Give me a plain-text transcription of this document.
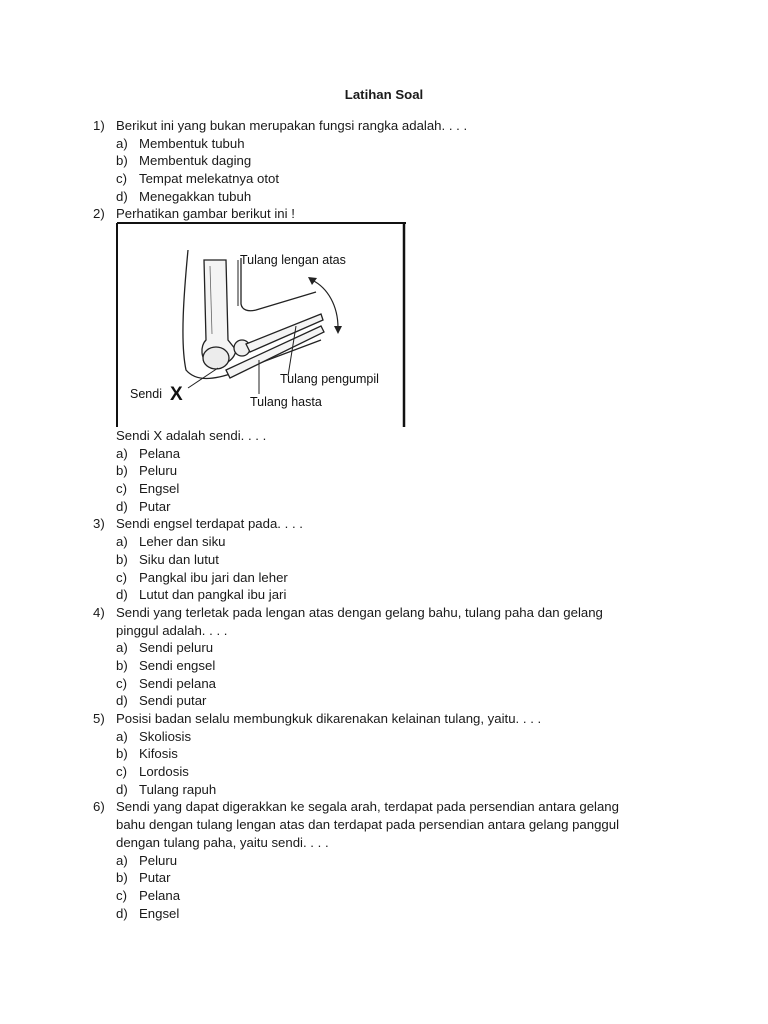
Latihan Soal
1) Berikut ini yang bukan merupakan fungsi rangka adalah. . . .
a) Membentuk tubuh
b) Membentuk daging
c) Tempat melekatnya otot
d) Menegakkan tubuh
2) Perhatikan gambar berikut ini !
Tulang lengan atas
Tulang pengumpil
Tulang hasta
Sendi X
Sendi X adalah sendi. . . .
a) Pelana
b) Peluru
c) Engsel
d) Putar
3) Sendi engsel terdapat pada. . . .
a) Leher dan siku
b) Siku dan lutut
c) Pangkal ibu jari dan leher
d) Lutut dan pangkal ibu jari
4) Sendi yang terletak pada lengan atas dengan gelang bahu, tulang paha dan gelang
pinggul adalah. . . .
a) Sendi peluru
b) Sendi engsel
c) Sendi pelana
d) Sendi putar
5) Posisi badan selalu membungkuk dikarenakan kelainan tulang, yaitu. . . .
a) Skoliosis
b) Kifosis
c) Lordosis
d) Tulang rapuh
6) Sendi yang dapat digerakkan ke segala arah, terdapat pada persendian antara gelang
bahu dengan tulang lengan atas dan terdapat pada persendian antara gelang panggul
dengan tulang paha, yaitu sendi. . . .
a) Peluru
b) Putar
c) Pelana
d) Engsel
